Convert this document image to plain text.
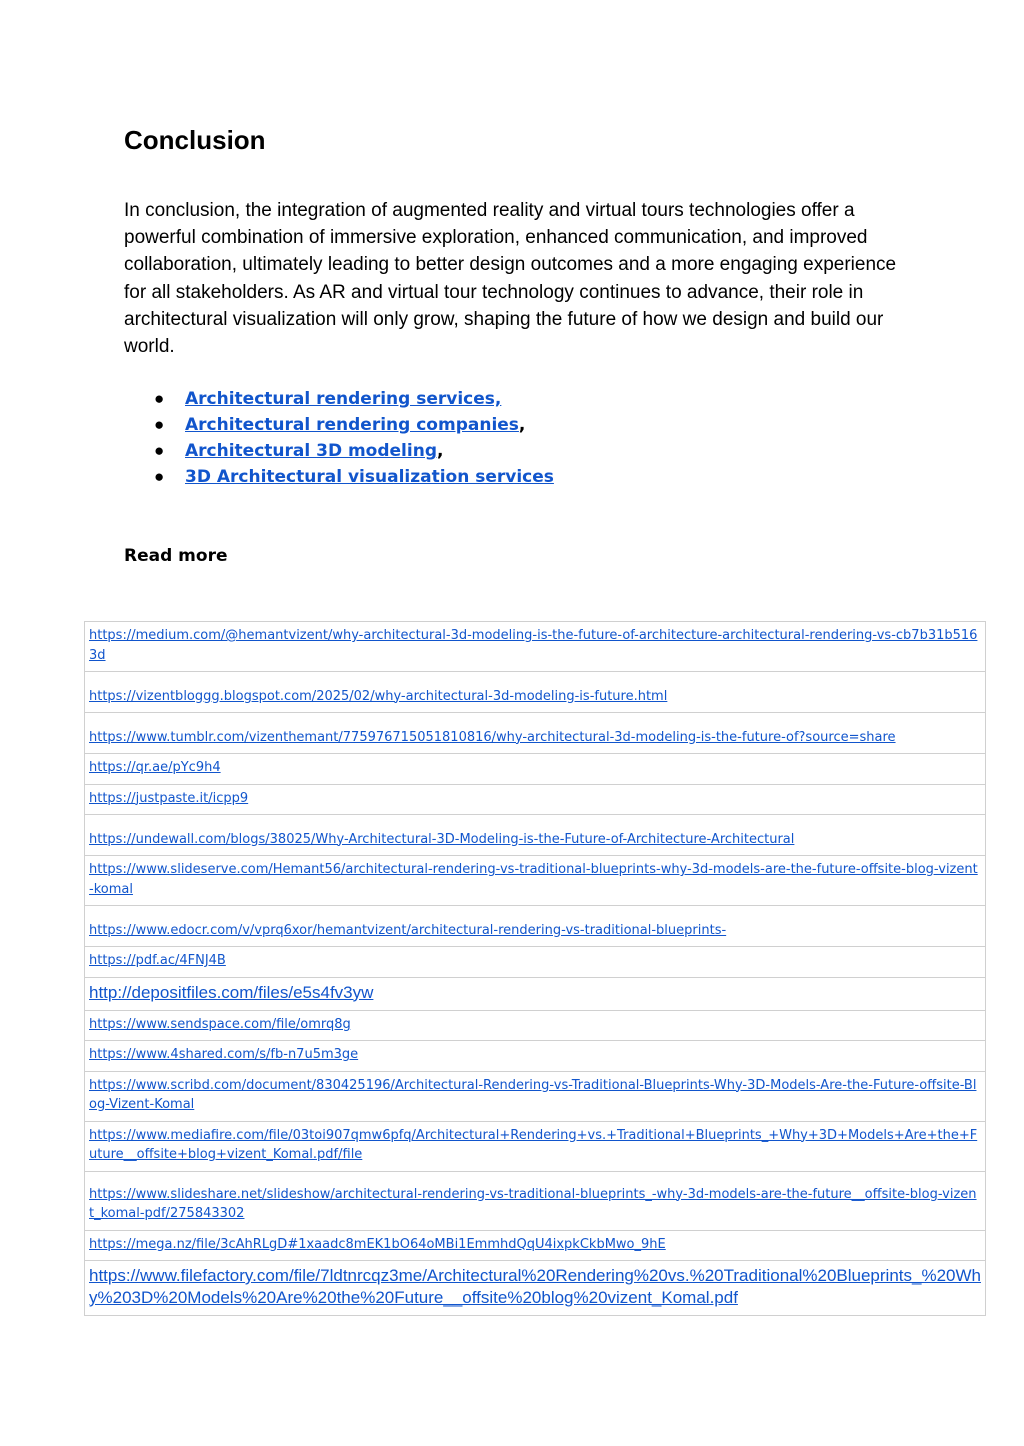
Conclusion

In conclusion, the integration of augmented reality and virtual tours technologies offer a powerful combination of immersive exploration, enhanced communication, and improved collaboration, ultimately leading to better design outcomes and a more engaging experience for all stakeholders. As AR and virtual tour technology continues to advance, their role in architectural visualization will only grow, shaping the future of how we design and build our world.

● Architectural rendering services,
● Architectural rendering companies,
● Architectural 3D modeling,
● 3D Architectural visualization services
Read more
https://medium.com/@hemantvizent/why-architectural-3d-modeling-is-the-future-of-architecture-architectural-rendering-vs-cb7b31b5163d
https://vizentbloggg.blogspot.com/2025/02/why-architectural-3d-modeling-is-future.html
https://www.tumblr.com/vizenthemant/775976715051810816/why-architectural-3d-modeling-is-the-future-of?source=share
https://qr.ae/pYc9h4
https://justpaste.it/icpp9
https://undewall.com/blogs/38025/Why-Architectural-3D-Modeling-is-the-Future-of-Architecture-Architectural
https://www.slideserve.com/Hemant56/architectural-rendering-vs-traditional-blueprints-why-3d-models-are-the-future-offsite-blog-vizent-komal
https://www.edocr.com/v/vprq6xor/hemantvizent/architectural-rendering-vs-traditional-blueprints-
https://pdf.ac/4FNJ4B
http://depositfiles.com/files/e5s4fv3yw
https://www.sendspace.com/file/omrq8g
https://www.4shared.com/s/fb-n7u5m3ge
https://www.scribd.com/document/830425196/Architectural-Rendering-vs-Traditional-Blueprints-Why-3D-Models-Are-the-Future-offsite-Blog-Vizent-Komal
https://www.mediafire.com/file/03toi907qmw6pfq/Architectural+Rendering+vs.+Traditional+Blueprints_+Why+3D+Models+Are+the+Future__offsite+blog+vizent_Komal.pdf/file
https://www.slideshare.net/slideshow/architectural-rendering-vs-traditional-blueprints_-why-3d-models-are-the-future__offsite-blog-vizent_komal-pdf/275843302
https://mega.nz/file/3cAhRLgD#1xaadc8mEK1bO64oMBi1EmmhdQqU4ixpkCkbMwo_9hE
https://www.filefactory.com/file/7ldtnrcqz3me/Architectural%20Rendering%20vs.%20Traditional%20Blueprints_%20Why%203D%20Models%20Are%20the%20Future__offsite%20blog%20vizent_Komal.pdf
